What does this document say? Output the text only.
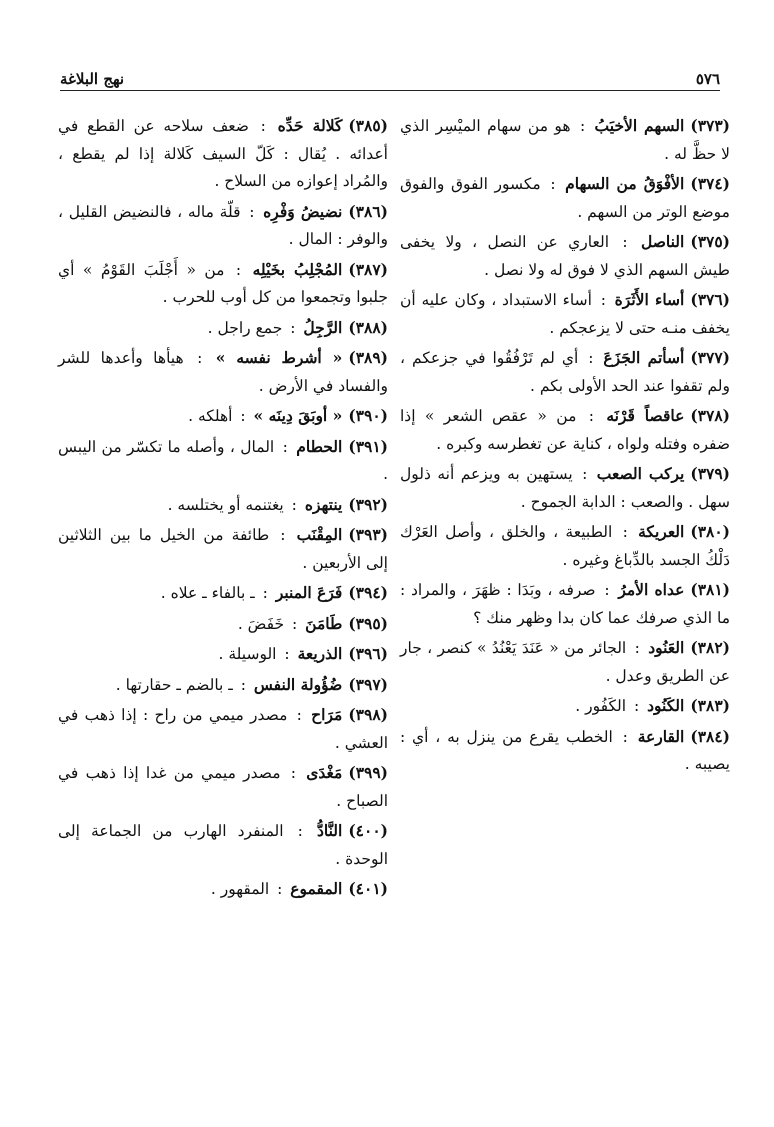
نهج البلاغة	٥٧٦

(٣٧٣)السهم الأخيَبُ : هو من سهام الميْسِر الذي لا حظَّ له .

(٣٧٤)الأفْوَقُ من السهام : مكسور الفوق والفوق موضع الوتر من السهم .

(٣٧٥)الناصل : العاري عن النصل ، ولا يخفى طيش السهم الذي لا فوق له ولا نصل .

(٣٧٦)أساء الأَثَرَة : أساء الاستبداد ، وكان عليه أن يخفف منـه حتى لا يزعجكم .

(٣٧٧)أسأتم الجَزَعَ : أي لم تَرْفُقُوا في جزعكم ، ولم تقفوا عند الحد الأولى بكم .

(٣٧٨)عاقصاً قَرْنَه : من « عقص الشعر » إذا ضفره وفتله ولواه ، كناية عن تغطرسه وكبره .

(٣٧٩)يركب الصعب : يستهين به ويزعم أنه ذلول سهل . والصعب : الدابة الجموح .

(٣٨٠)العريكة : الطبيعة ، والخلق ، وأصل العَرْك دَلْكُ الجسد بالدِّباغ وغيره .

(٣٨١)عداه الأمرُ : صرفه ، وبَدَا : ظهَرَ ، والمراد : ما الذي صرفك عما كان بدا وظهر منك ؟

(٣٨٢)العَنُود : الجائر من « عَنَدَ يَعْنُدُ » كنصر ، جار عن الطريق وعدل .

(٣٨٣)الكَنُود : الكَفُور .

(٣٨٤)القارعة : الخطب يقرع من ينزل به ، أي : يصيبه .

(٣٨٥)كَلالة حَدِّه : ضعف سلاحه عن القطع في أعدائه . يُقال : كَلّ السيف كَلالة إذا لم يقطع ، والمُراد إعوازه من السلاح .

(٣٨٦)نضيضُ وَفْرِه : قلّة ماله ، فالنضيض القليل ، والوفر : المال .

(٣٨٧)المُجْلِبُ بخَيْلِه : من « أَجْلَبَ القَوْمُ » أي جلبوا وتجمعوا من كل أوب للحرب .

(٣٨٨)الرَّجِلُ : جمع راجل .

(٣٨٩)« أشرط نفسه » : هيأها وأعدها للشر والفساد في الأرض .

(٣٩٠)« أوبَقَ دِينَه » : أهلكه .

(٣٩١)الحطام : المال ، وأصله ما تكسّر من اليبس .

(٣٩٢)ينتهزه : يغتنمه أو يختلسه .

(٣٩٣)المِقْنَب : طائفة من الخيل ما بين الثلاثين إلى الأربعين .

(٣٩٤)فَرَعَ المنبر : ـ بالفاء ـ علاه .

(٣٩٥)طَامَنَ : خَفَضَ .

(٣٩٦)الذريعة : الوسيلة .

(٣٩٧)ضُؤُولة النفس : ـ بالضم ـ حقارتها .

(٣٩٨)مَرَاح : مصدر ميمي من راح : إذا ذهب في العشي .

(٣٩٩)مَغْدَى : مصدر ميمي من غدا إذا ذهب في الصباح .

(٤٠٠)النَّادُّ : المنفرد الهارب من الجماعة إلى الوحدة .

(٤٠١)المقموع : المقهور .
